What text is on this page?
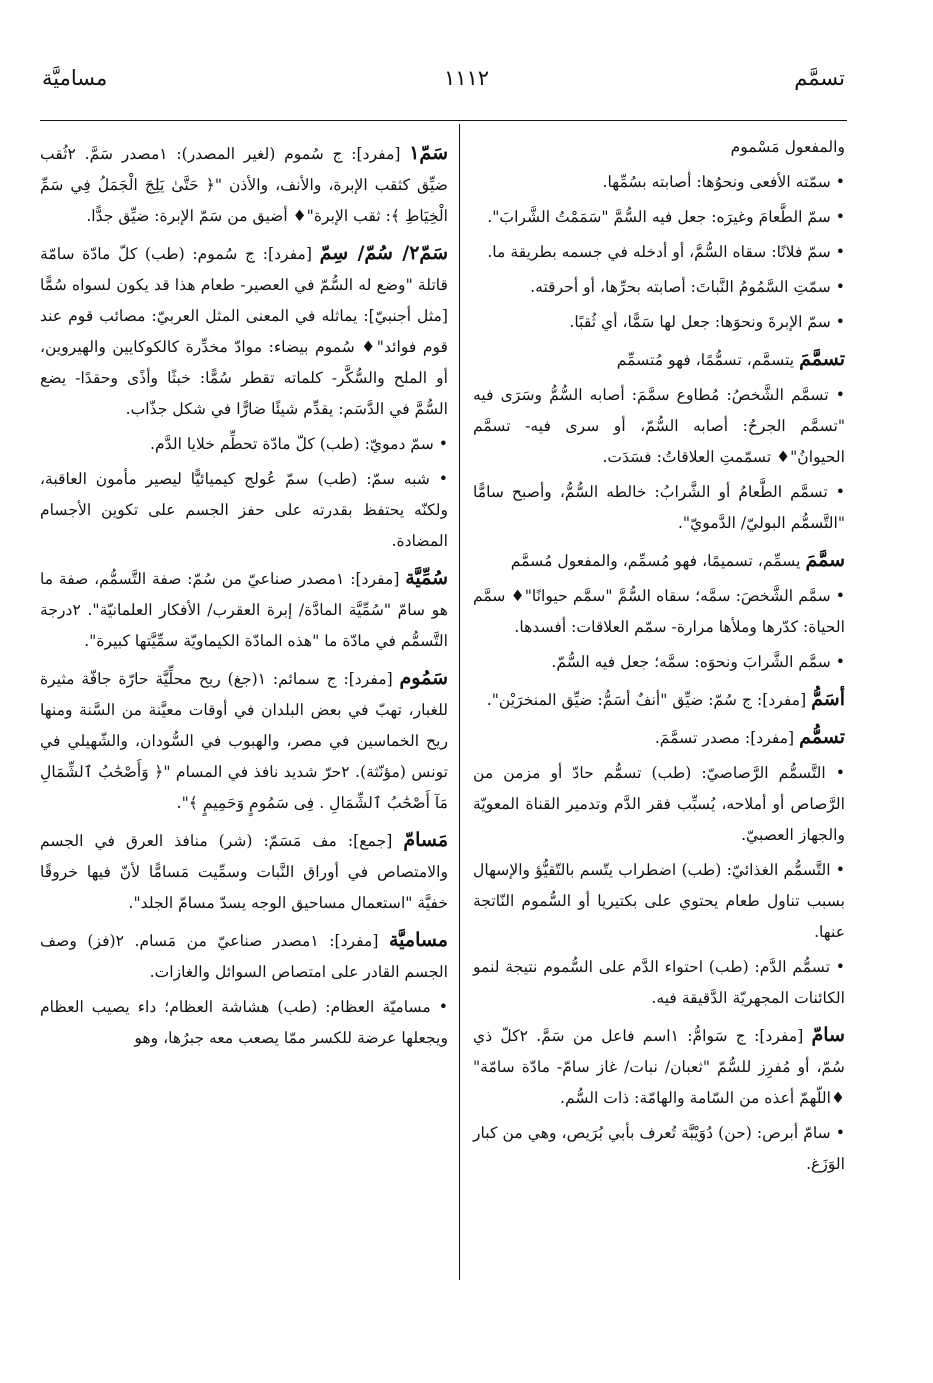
تسمَّم
١١١٢
مساميَّة
والمفعول مَسْموم
• سمّته الأفعى ونحوُها: أصابته بسُمِّها.
• سمّ الطَّعامَ وغيرَه: جعل فيه السُّمَّ "سَمَمْتُ الشَّرابَ".
• سمّ فلانًا: سقاه السُّمَّ، أو أدخله في جسمه بطريقة ما.
• سمّتِ السَّمُومُ النَّباتَ: أصابته بحرِّها، أو أحرقته.
• سمّ الإبرةَ ونحوَها: جعل لها سَمًّا، أي ثُقبًا.
تسمَّمَ يتسمَّم، تسمُّمًا، فهو مُتسمِّم
• تسمَّم الشَّخصُ: مُطاوع سمَّمَ: أصابه السُّمُّ وسَرَى فيه "تسمَّم الجرحُ: أصابه السُّمّ، أو سرى فيه- تسمَّم الحيوانُ"♦ تسمّمتِ العلاقاتُ: فسَدَت.
• تسمَّم الطَّعامُ أو الشَّرابُ: خالطه السُّمُّ، وأصبح سامًّا "التَّسمُّم البوليّ/ الدَّمويّ".
سمَّمَ يسمِّم، تسميمًا، فهو مُسمِّم، والمفعول مُسمَّم
• سمَّم الشَّخصَ: سمَّه؛ سقاه السُّمَّ "سمَّم حيوانًا"♦ سمَّم الحياة: كدّرها وملأها مرارة- سمّم العلاقات: أفسدها.
• سمَّم الشَّرابَ ونحوَه: سمَّه؛ جعل فيه السُّمّ.
أسَمُّ [مفرد]: ج سُمّ: ضيِّق "أنفٌ أسَمُّ: ضيِّق المنخرَيْن".
تسمُّم [مفرد]: مصدر تسمَّمَ.
• التَّسمُّم الرَّصاصيّ: (طب) تسمُّم حادّ أو مزمن من الرَّصاص أو أملاحه، يُسبِّب فقر الدَّم وتدمير القناة المعويّة والجهاز العصبيّ.
• التَّسمُّم الغذائيّ: (طب) اضطراب يتّسم بالتّقيُّؤ والإسهال بسبب تناول طعام يحتوي على بكتيريا أو السُّموم النّاتجة عنها.
• تسمُّم الدَّم: (طب) احتواء الدَّم على السُّموم نتيجة لنمو الكائنات المجهريّة الدَّقيقة فيه.
سامّ [مفرد]: ج سَوامُّ: ١اسم فاعل من سَمَّ. ٢كلّ ذي سُمّ، أو مُفرِز للسُّمّ "ثعبان/ نبات/ غاز سامّ- مادّة سامّة" ♦اللّهمّ أعذه من السّامة والهامّة: ذات السُّم.
• سامّ أبرص: (حن) دُوَيْبَّة تُعرف بأبي بُرَيص، وهي من كبار الوَزَغ.
سَمّ١ [مفرد]: ج سُموم (لغير المصدر): ١مصدر سَمَّ. ٢ثُقب ضيِّق كثقب الإبرة، والأنف، والأذن "﴿ حَتَّىٰ يَلِجَ الْجَمَلُ فِي سَمِّ الْخِيَاطِ ﴾: ثقب الإبرة"♦ أضيق من سَمّ الإبرة: ضيِّق جدًّا.
سَمّ٢/ سُمّ/ سِمّ [مفرد]: ج سُموم: (طب) كلّ مادّة سامّة قاتلة "وضع له السُّمّ في العصير- طعام هذا قد يكون لسواه سُمًّا [مثل أجنبيّ]: يماثله في المعنى المثل العربيّ: مصائب قوم عند قوم فوائد"♦ سُموم بيضاء: موادّ مخدِّرة كالكوكايين والهيروين، أو الملح والسُّكَّر- كلماته تقطر سُمًّا: خبثًا وأذًى وحقدًا- يضع السُّمَّ في الدَّسَم: يقدِّم شيئًا ضارًّا في شكل جذّاب.
• سمّ دمويّ: (طب) كلّ مادّة تحطِّم خلايا الدَّم.
• شبه سمّ: (طب) سمّ عُولج كيميائيًّا ليصير مأمون العاقبة، ولكنّه يحتفظ بقدرته على حفز الجسم على تكوين الأجسام المضادة.
سُمِّيَّة [مفرد]: ١مصدر صناعيّ من سُمّ: صفة التَّسمُّم، صفة ما هو سامّ "سُمِّيَّة المادَّة/ إبرة العقرب/ الأفكار العلمانيّة". ٢درجة التَّسمُّم في مادّة ما "هذه المادّة الكيماويّة سمِّيَّتها كبيرة".
سَمُوم [مفرد]: ج سمائم: ١(جغ) ريح محلِّيَّة حارّة جافّة مثيرة للغبار، تهبّ في بعض البلدان في أوقات معيَّنة من السَّنة ومنها ريح الخماسين في مصر، والهبوب في السُّودان، والشّهيلي في تونس (مؤنّثة). ٢حرّ شديد نافذ في المسام "﴿ وَأَصْحَٰبُ ٱلشِّمَالِ مَآ أَصْحَٰبُ ٱلشِّمَالِ . فِى سَمُومٍ وَحَمِيمٍ ﴾".
مَسامّ [جمع]: مف مَسَمّ: (شر) منافذ العرق في الجسم والامتصاص في أوراق النَّبات وسمِّيت مَسامًّا لأنّ فيها خروقًا خفيَّة "استعمال مساحيق الوجه يسدّ مسامّ الجلد".
مساميَّة [مفرد]: ١مصدر صناعيّ من مَسام. ٢(فز) وصف الجسم القادر على امتصاص السوائل والغازات.
• مساميّة العظام: (طب) هشاشة العظام؛ داء يصيب العظام ويجعلها عرضة للكسر ممّا يصعب معه جبرُها، وهو
